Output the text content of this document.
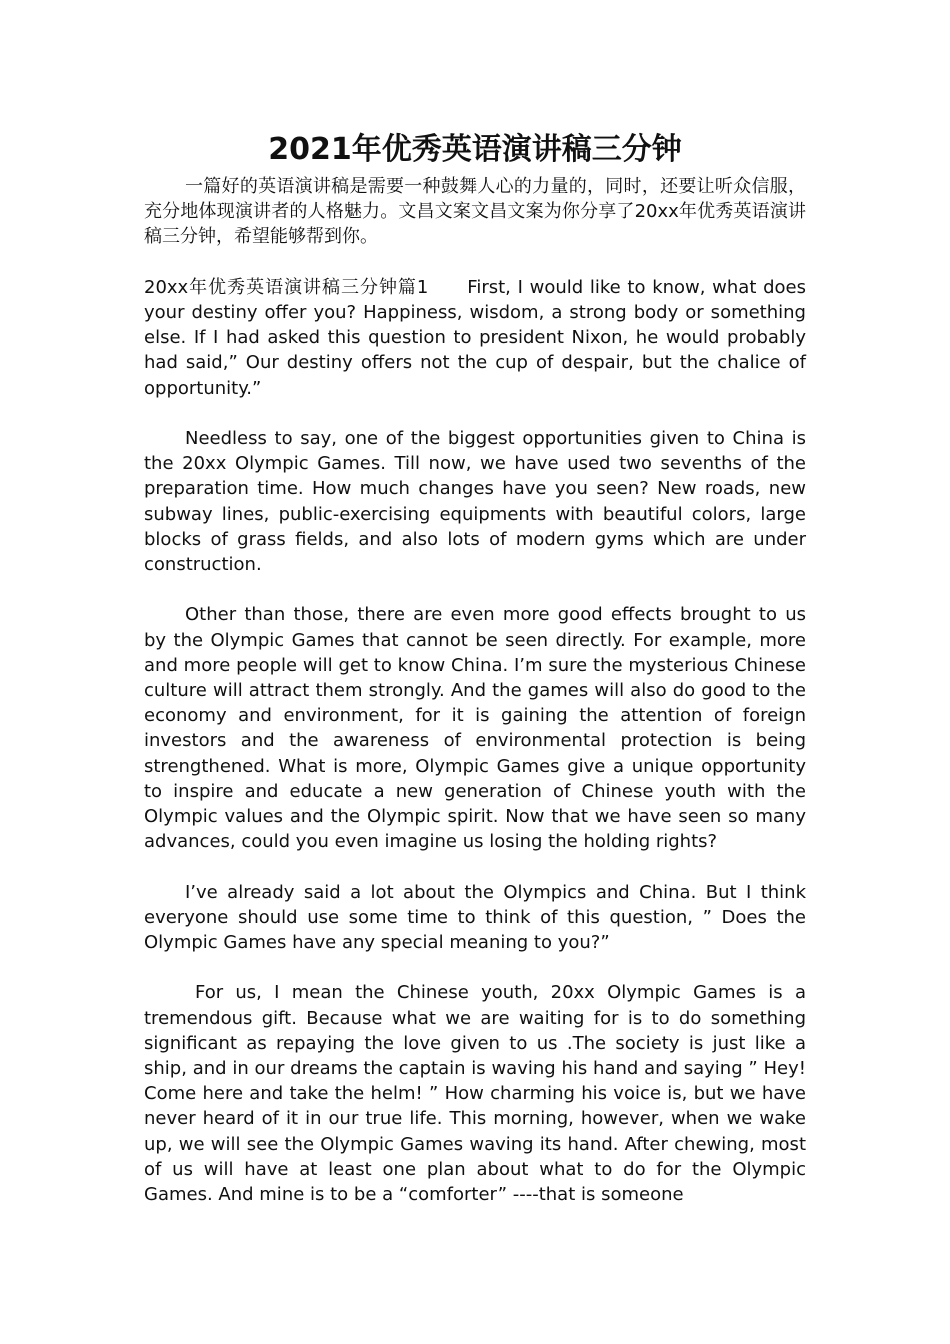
2021年优秀英语演讲稿三分钟

一篇好的英语演讲稿是需要一种鼓舞人心的力量的，同时，还要让听众信服，充分地体现演讲者的人格魅力。文昌文案文昌文案为你分享了20xx年优秀英语演讲稿三分钟，希望能够帮到你。

20xx年优秀英语演讲稿三分钟篇1　　First, I would like to know, what does your destiny offer you? Happiness, wisdom, a strong body or something else. If I had asked this question to president Nixon, he would probably had said,” Our destiny offers not the cup of despair, but the chalice of opportunity.”

Needless to say, one of the biggest opportunities given to China is the 20xx Olympic Games. Till now, we have used two sevenths of the preparation time. How much changes have you seen? New roads, new subway lines, public-exercising equipments with beautiful colors, large blocks of grass fields, and also lots of modern gyms which are under construction.

Other than those, there are even more good effects brought to us by the Olympic Games that cannot be seen directly. For example, more and more people will get to know China. I’m sure the mysterious Chinese culture will attract them strongly. And the games will also do good to the economy and environment, for it is gaining the attention of foreign investors and the awareness of environmental protection is being strengthened. What is more, Olympic Games give a unique opportunity to inspire and educate a new generation of Chinese youth with the Olympic values and the Olympic spirit. Now that we have seen so many advances, could you even imagine us losing the holding rights?

I’ve already said a lot about the Olympics and China. But I think everyone should use some time to think of this question, ” Does the Olympic Games have any special meaning to you?”

For us, I mean the Chinese youth, 20xx Olympic Games is a tremendous gift. Because what we are waiting for is to do something significant as repaying the love given to us .The society is just like a ship, and in our dreams the captain is waving his hand and saying ” Hey! Come here and take the helm! ” How charming his voice is, but we have never heard of it in our true life. This morning, however, when we wake up, we will see the Olympic Games waving its hand. After chewing, most of us will have at least one plan about what to do for the Olympic Games. And mine is to be a “comforter” ----that is someone
